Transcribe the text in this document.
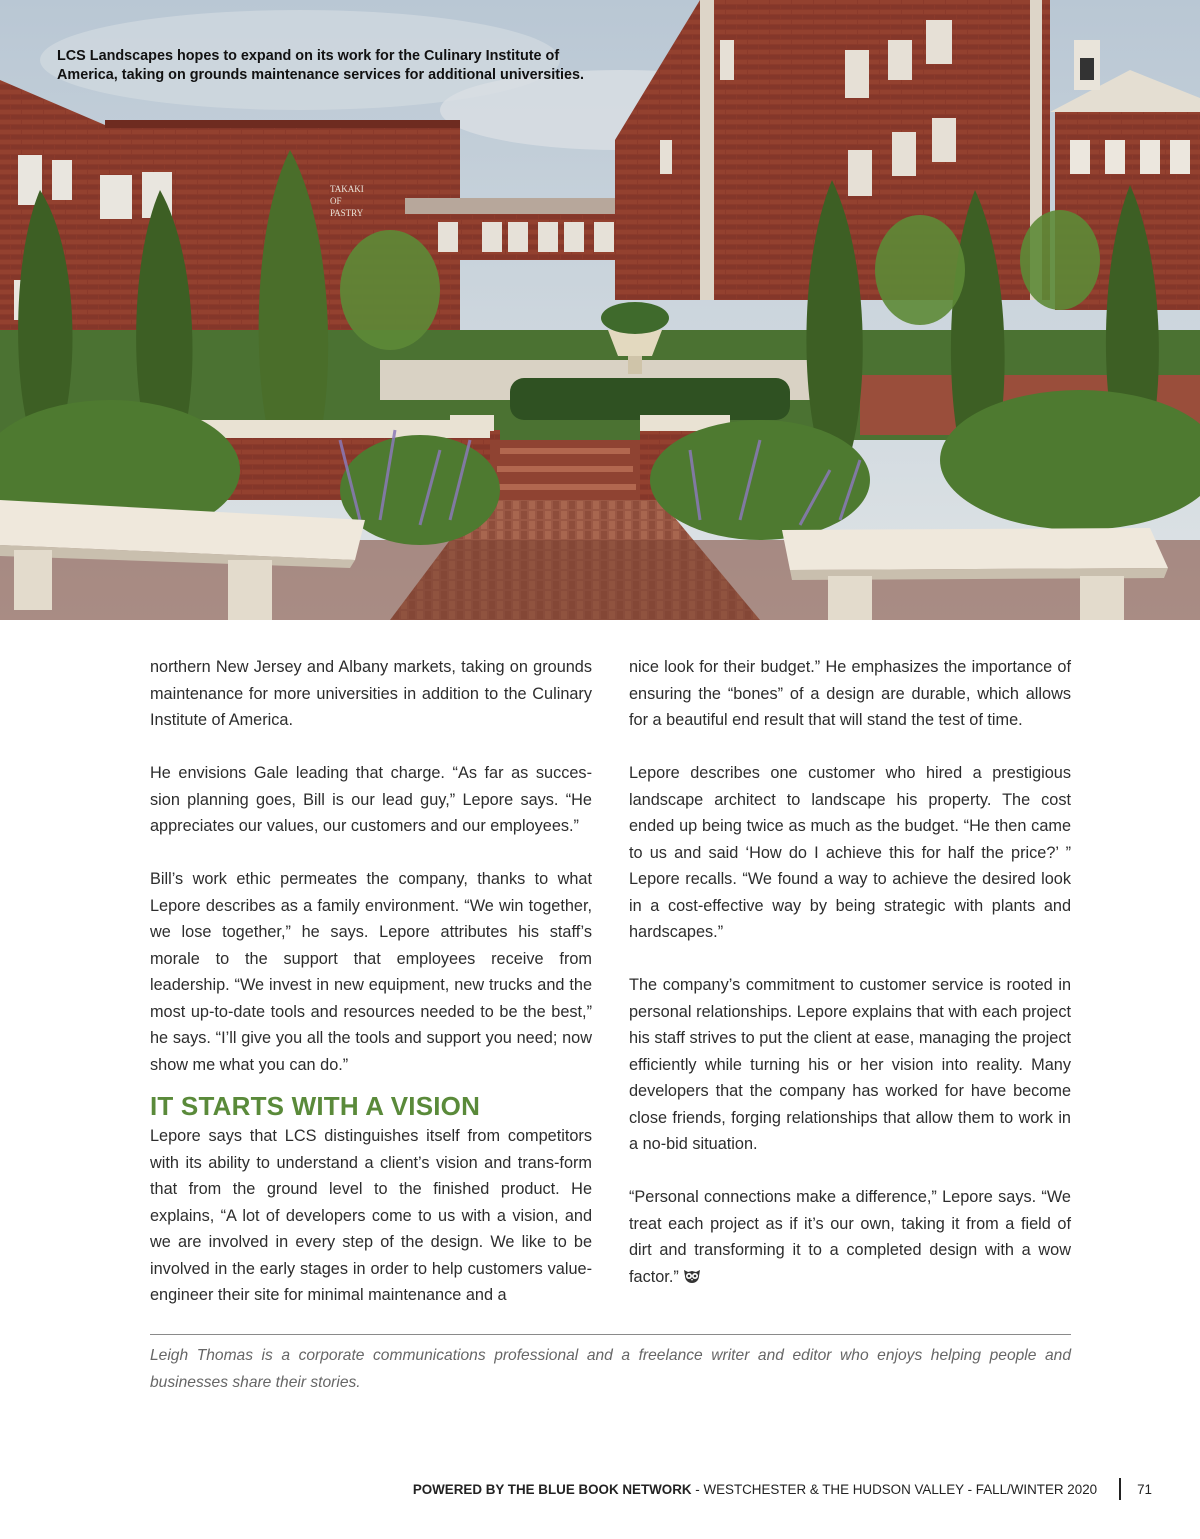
TAKAKI OF PASTRY
LCS Landscapes hopes to expand on its work for the Culinary Institute of America, taking on grounds maintenance services for additional universities.

northern New Jersey and Albany markets, taking on grounds maintenance for more universities in addition to the Culinary Institute of America.

He envisions Gale leading that charge. “As far as succes-sion planning goes, Bill is our lead guy,” Lepore says. “He appreciates our values, our customers and our employees.”

Bill’s work ethic permeates the company, thanks to what Lepore describes as a family environment. “We win together, we lose together,” he says. Lepore attributes his staff’s morale to the support that employees receive from leadership. “We invest in new equipment, new trucks and the most up-to-date tools and resources needed to be the best,” he says. “I’ll give you all the tools and support you need; now show me what you can do.”

IT STARTS WITH A VISION

Lepore says that LCS distinguishes itself from competitors with its ability to understand a client’s vision and trans-form that from the ground level to the finished product. He explains, “A lot of developers come to us with a vision, and we are involved in every step of the design. We like to be involved in the early stages in order to help customers value-engineer their site for minimal maintenance and a

nice look for their budget.” He emphasizes the importance of ensuring the “bones” of a design are durable, which allows for a beautiful end result that will stand the test of time.

Lepore describes one customer who hired a prestigious landscape architect to landscape his property. The cost ended up being twice as much as the budget. “He then came to us and said ‘How do I achieve this for half the price?’ ” Lepore recalls. “We found a way to achieve the desired look in a cost-effective way by being strategic with plants and hardscapes.”

The company’s commitment to customer service is rooted in personal relationships. Lepore explains that with each project his staff strives to put the client at ease, managing the project efficiently while turning his or her vision into reality. Many developers that the company has worked for have become close friends, forging relationships that allow them to work in a no-bid situation.

“Personal connections make a difference,” Lepore says. “We treat each project as if it’s our own, taking it from a field of dirt and transforming it to a completed design with a wow factor.”

Leigh Thomas is a corporate communications professional and a freelance writer and editor who enjoys helping people and businesses share their stories.
POWERED BY THE BLUE BOOK NETWORK - WESTCHESTER & THE HUDSON VALLEY - FALL/WINTER 2020	71
